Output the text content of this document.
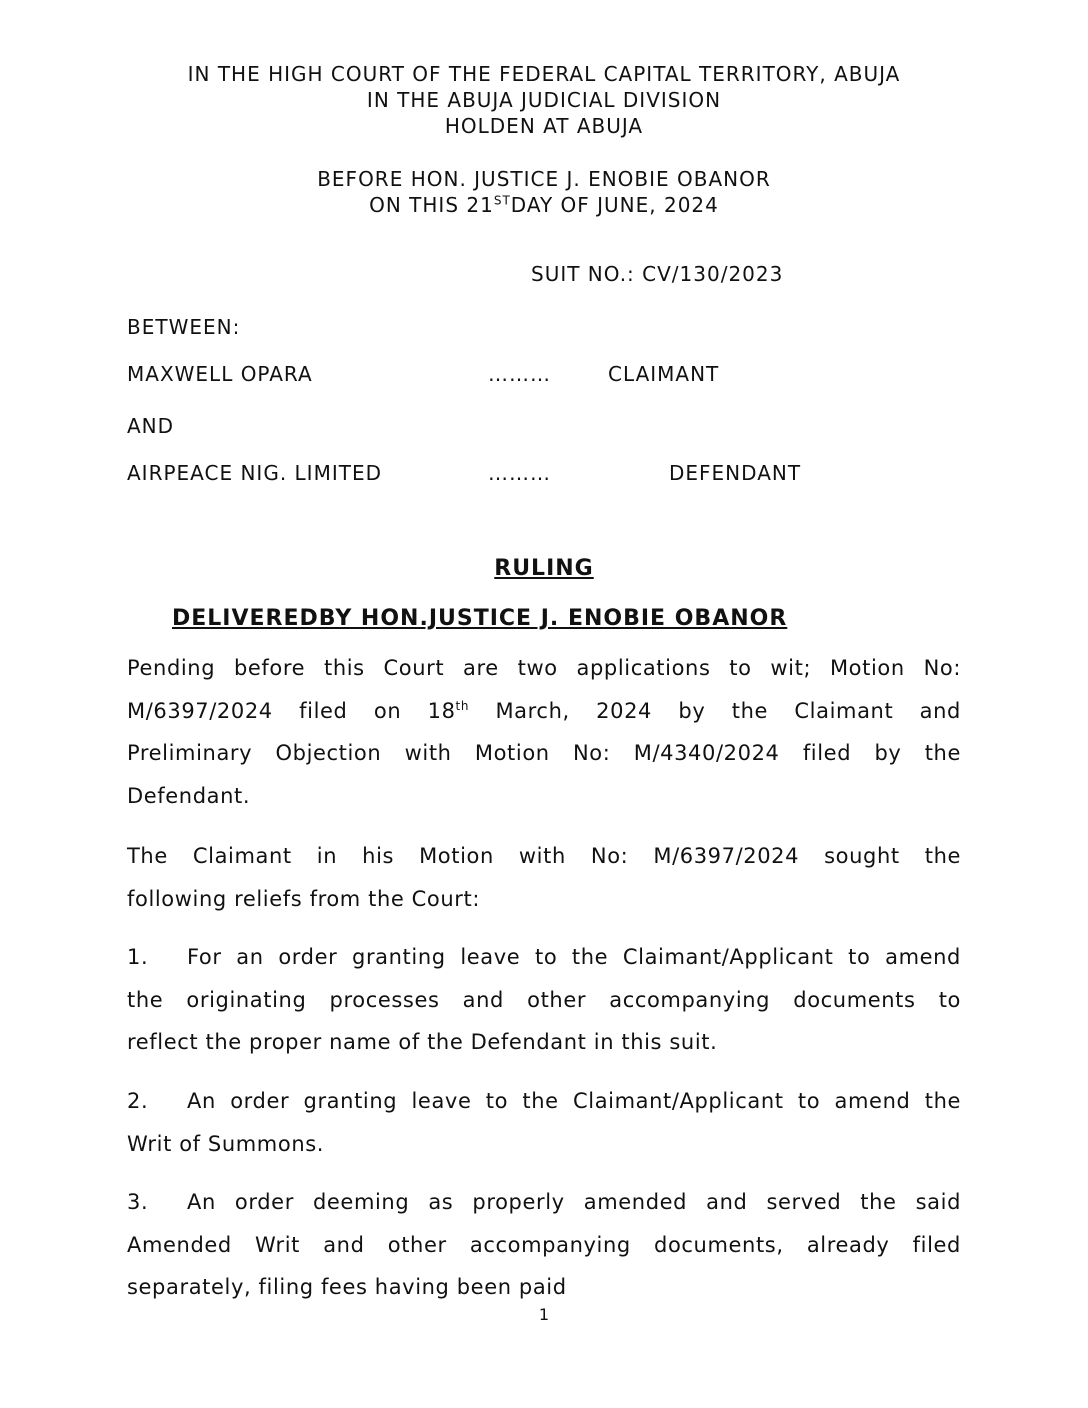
IN THE HIGH COURT OF THE FEDERAL CAPITAL TERRITORY, ABUJA
IN THE ABUJA JUDICIAL DIVISION
HOLDEN AT ABUJA
BEFORE HON. JUSTICE J. ENOBIE OBANOR
ON THIS 21STDAY OF JUNE, 2024
SUIT NO.: CV/130/2023
BETWEEN:
MAXWELL OPARA	………	CLAIMANT
AND
AIRPEACE NIG. LIMITED	………	DEFENDANT
RULING
DELIVEREDBY HON.JUSTICE J. ENOBIE OBANOR
Pending before this Court are two applications to wit; Motion No:
M/6397/2024 filed on 18th March, 2024 by the Claimant and
Preliminary Objection with Motion No: M/4340/2024 filed by the
Defendant.
The Claimant in his Motion with No: M/6397/2024 sought the
following reliefs from the Court:
1. For an order granting leave to the Claimant/Applicant to amend
the originating processes and other accompanying documents to
reflect the proper name of the Defendant in this suit.
2. An order granting leave to the Claimant/Applicant to amend the
Writ of Summons.
3. An order deeming as properly amended and served the said
Amended Writ and other accompanying documents, already filed
separately, filing fees having been paid
1
